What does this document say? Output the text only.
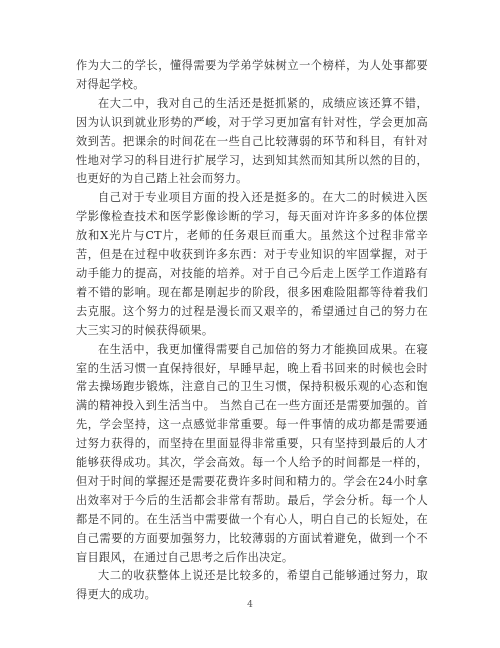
作为大二的学长，懂得需要为学弟学妹树立一个榜样，为人处事都要对得起学校。

在大二中，我对自己的生活还是挺抓紧的，成绩应该还算不错，因为认识到就业形势的严峻，对于学习更加富有针对性，学会更加高效到苦。把课余的时间花在一些自己比较薄弱的环节和科目，有针对性地对学习的科目进行扩展学习，达到知其然而知其所以然的目的，也更好的为自己踏上社会而努力。

自己对于专业项目方面的投入还是挺多的。在大二的时候进入医学影像检查技术和医学影像诊断的学习，每天面对许许多多的体位摆放和X光片与CT片，老师的任务艰巨而重大。虽然这个过程非常辛苦，但是在过程中收获到许多东西：对于专业知识的牢固掌握，对于动手能力的提高，对技能的培养。对于自己今后走上医学工作道路有着不错的影响。现在都是刚起步的阶段，很多困难险阻都等待着我们去克服。这个努力的过程是漫长而又艰辛的，希望通过自己的努力在大三实习的时候获得硕果。

在生活中，我更加懂得需要自己加倍的努力才能换回成果。在寝室的生活习惯一直保持很好，早睡早起，晚上看书回来的时候也会时常去操场跑步锻炼，注意自己的卫生习惯，保持积极乐观的心态和饱满的精神投入到生活当中。 当然自己在一些方面还是需要加强的。首先，学会坚持，这一点感觉非常重要。每一件事情的成功都是需要通过努力获得的，而坚持在里面显得非常重要，只有坚持到最后的人才能够获得成功。其次，学会高效。每一个人给予的时间都是一样的，但对于时间的掌握还是需要花费许多时间和精力的。学会在24小时拿出效率对于今后的生活都会非常有帮助。最后，学会分析。每一个人都是不同的。在生活当中需要做一个有心人，明白自己的长短处，在自己需要的方面要加强努力，比较薄弱的方面试着避免，做到一个不盲目跟风，在通过自己思考之后作出决定。

大二的收获整体上说还是比较多的，希望自己能够通过努力，取得更大的成功。

4
